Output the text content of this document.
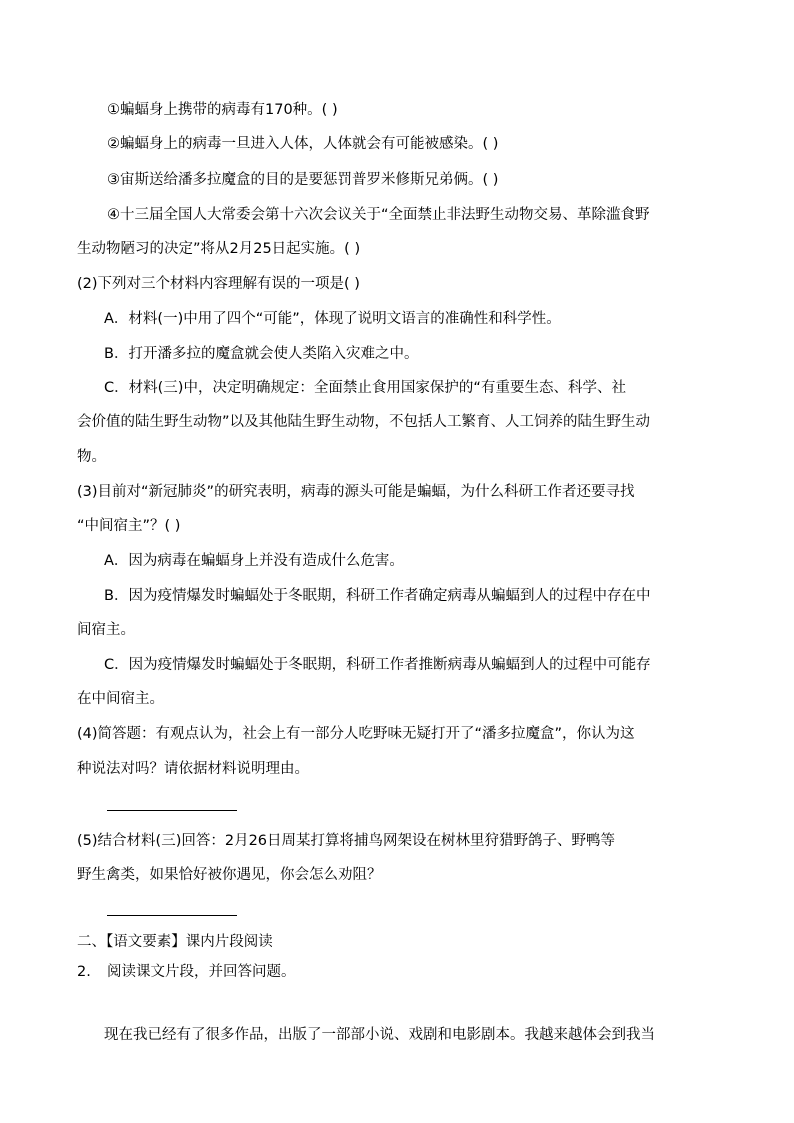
①蝙蝠身上携带的病毒有170种。( )
②蝙蝠身上的病毒一旦进入人体，人体就会有可能被感染。( )
③宙斯送给潘多拉魔盒的目的是要惩罚普罗米修斯兄弟俩。( )
④十三届全国人大常委会第十六次会议关于“全面禁止非法野生动物交易、革除滥食野
生动物陋习的决定”将从2月25日起实施。( )
(2)下列对三个材料内容理解有误的一项是( )
A．材料(一)中用了四个“可能”，体现了说明文语言的准确性和科学性。
B．打开潘多拉的魔盒就会使人类陷入灾难之中。
C．材料(三)中，决定明确规定：全面禁止食用国家保护的“有重要生态、科学、社
会价值的陆生野生动物”以及其他陆生野生动物，不包括人工繁育、人工饲养的陆生野生动
物。
(3)目前对“新冠肺炎”的研究表明，病毒的源头可能是蝙蝠，为什么科研工作者还要寻找
“中间宿主”？( )
A．因为病毒在蝙蝠身上并没有造成什么危害。
B．因为疫情爆发时蝙蝠处于冬眠期，科研工作者确定病毒从蝙蝠到人的过程中存在中
间宿主。
C．因为疫情爆发时蝙蝠处于冬眠期，科研工作者推断病毒从蝙蝠到人的过程中可能存
在中间宿主。
(4)简答题：有观点认为，社会上有一部分人吃野味无疑打开了“潘多拉魔盒”，你认为这
种说法对吗？请依据材料说明理由。
(5)结合材料(三)回答：2月26日周某打算将捕鸟网架设在树林里狩猎野鸽子、野鸭等
野生禽类，如果恰好被你遇见，你会怎么劝阻？
二、【语文要素】课内片段阅读
2. 阅读课文片段，并回答问题。
现在我已经有了很多作品，出版了一部部小说、戏剧和电影剧本。我越来越体会到我当
